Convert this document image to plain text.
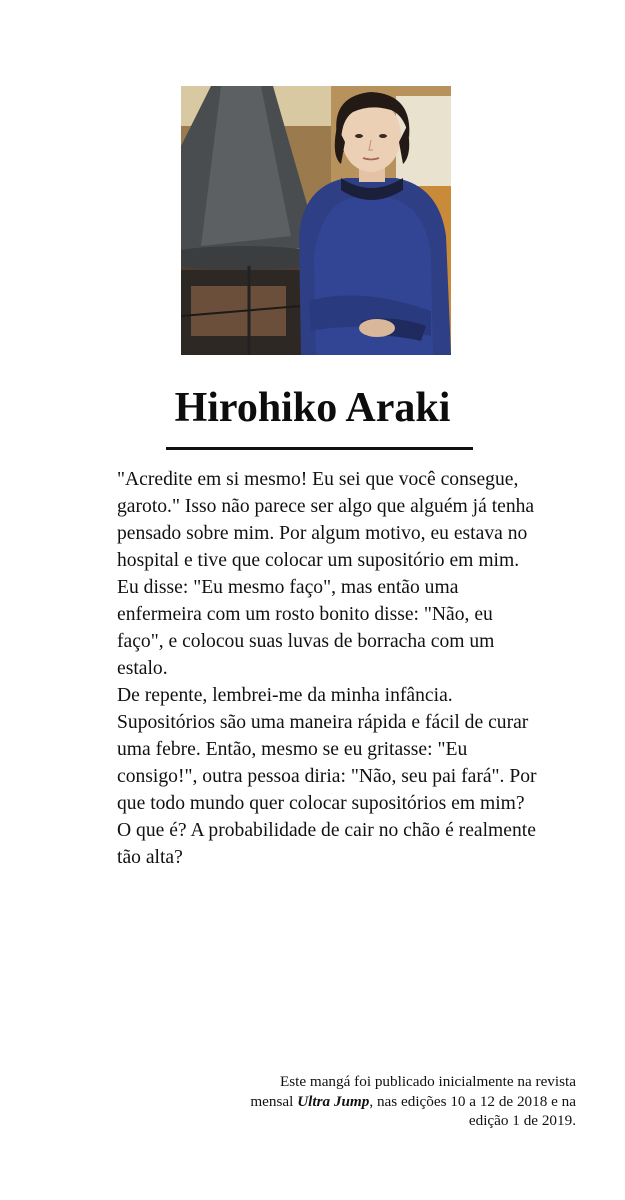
Hirohiko Araki

"Acredite em si mesmo! Eu sei que você consegue, garoto." Isso não parece ser algo que alguém já tenha pensado sobre mim. Por algum motivo, eu estava no hospital e tive que colocar um supositório em mim. Eu disse: "Eu mesmo faço", mas então uma enfermeira com um rosto bonito disse: "Não, eu faço", e colocou suas luvas de borracha com um estalo.

De repente, lembrei-me da minha infância. Supositórios são uma maneira rápida e fácil de curar uma febre. Então, mesmo se eu gritasse: "Eu consigo!", outra pessoa diria: "Não, seu pai fará". Por que todo mundo quer colocar supositórios em mim? O que é? A probabilidade de cair no chão é realmente tão alta?

Este mangá foi publicado inicialmente na revista mensal Ultra Jump, nas edições 10 a 12 de 2018 e na edição 1 de 2019.
